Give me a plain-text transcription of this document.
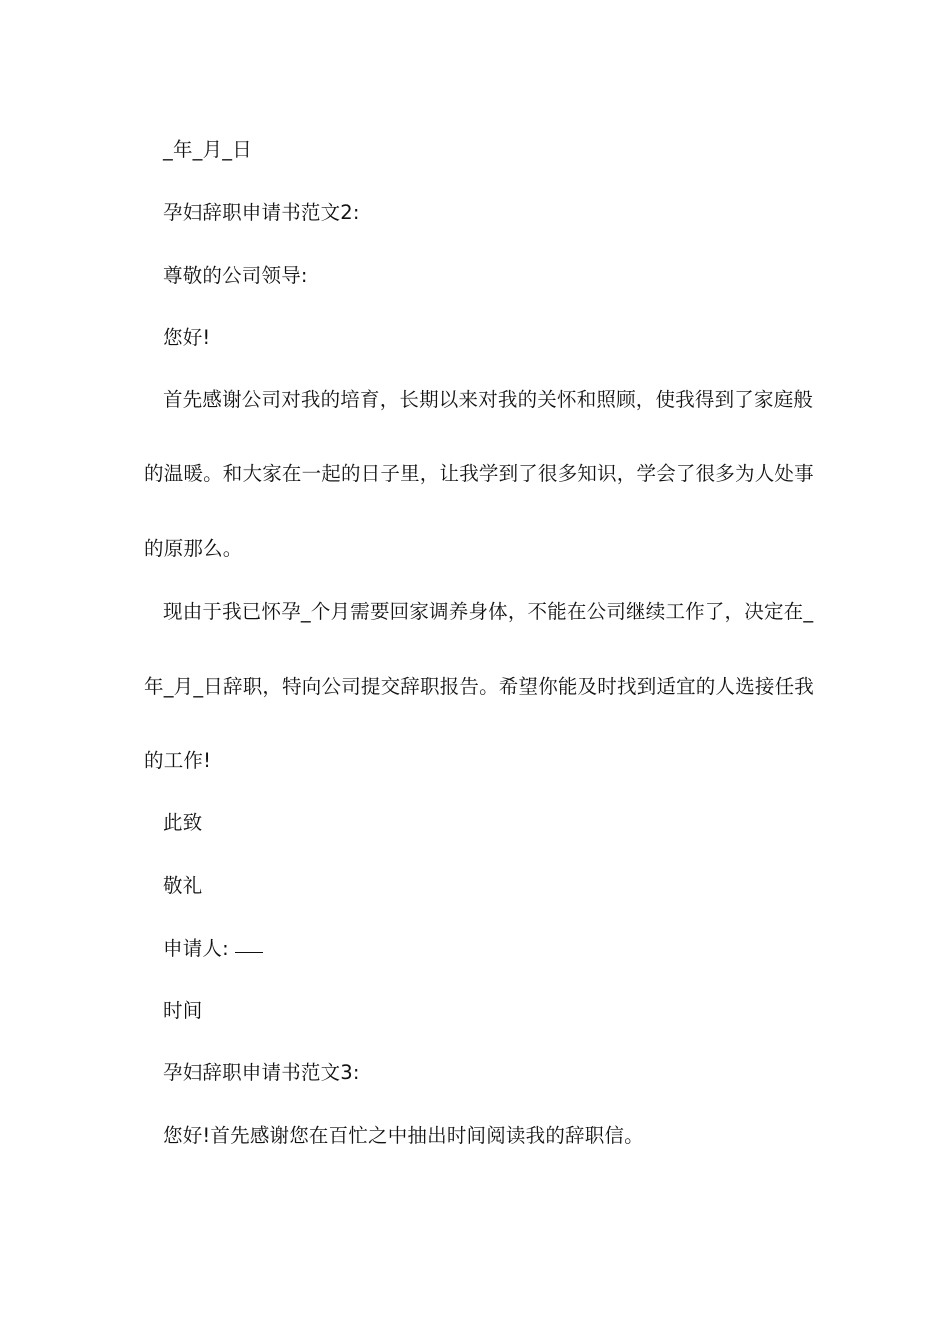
_年_月_日
孕妇辞职申请书范文2:
尊敬的公司领导:
您好!
首先感谢公司对我的培育，长期以来对我的关怀和照顾，使我得到了家庭般
的温暖。和大家在一起的日子里，让我学到了很多知识，学会了很多为人处事
的原那么。
现由于我已怀孕_个月需要回家调养身体，不能在公司继续工作了，决定在_
年_月_日辞职，特向公司提交辞职报告。希望你能及时找到适宜的人选接任我
的工作!
此致
敬礼
申请人:
时间
孕妇辞职申请书范文3:
您好!首先感谢您在百忙之中抽出时间阅读我的辞职信。
